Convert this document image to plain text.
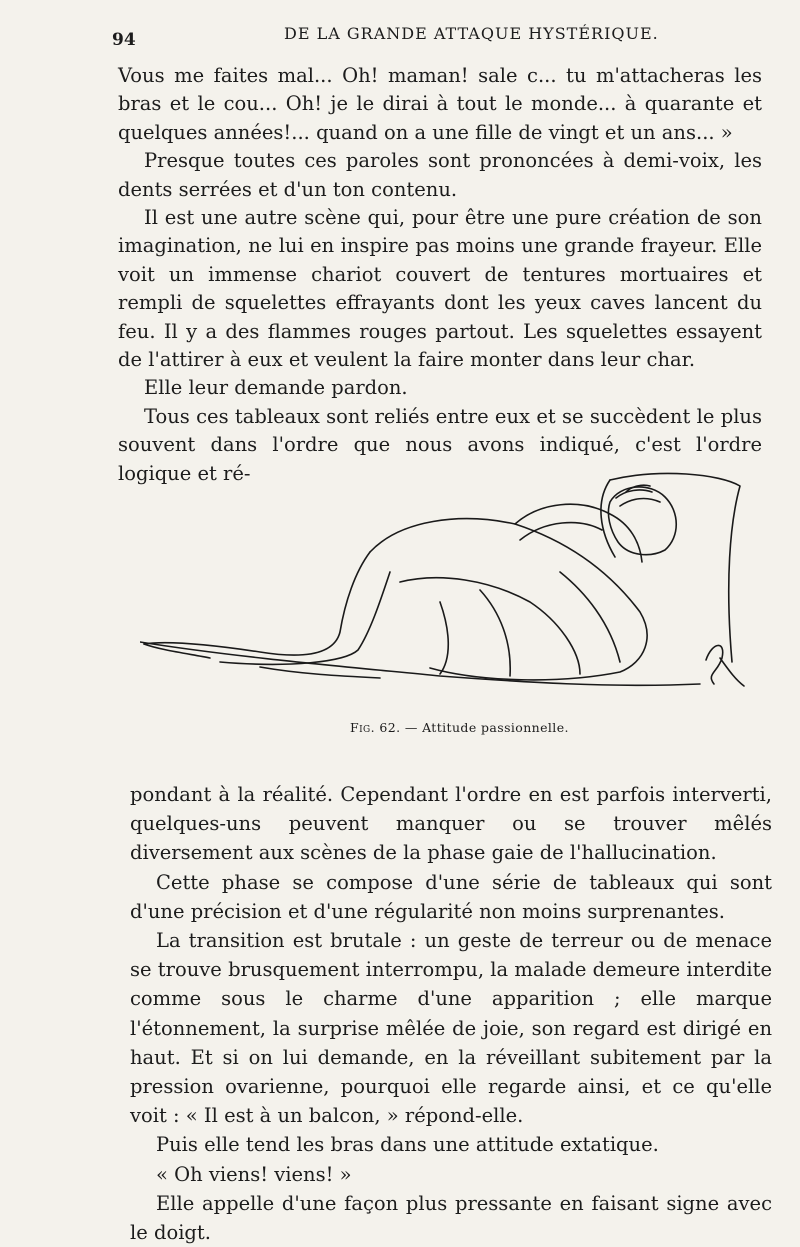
94	DE LA GRANDE ATTAQUE HYSTÉRIQUE.

Vous me faites mal... Oh! maman! sale c... tu m'attacheras les bras et le cou... Oh! je le dirai à tout le monde... à quarante et quelques années!... quand on a une fille de vingt et un ans... »

Presque toutes ces paroles sont prononcées à demi-voix, les dents serrées et d'un ton contenu.

Il est une autre scène qui, pour être une pure création de son imagination, ne lui en inspire pas moins une grande frayeur. Elle voit un immense chariot couvert de tentures mortuaires et rempli de squelettes effrayants dont les yeux caves lancent du feu. Il y a des flammes rouges partout. Les squelettes essayent de l'attirer à eux et veulent la faire monter dans leur char.

Elle leur demande pardon.

Tous ces tableaux sont reliés entre eux et se succèdent le plus souvent dans l'ordre que nous avons indiqué, c'est l'ordre logique et ré-

Fig. 62. — Attitude passionnelle.

pondant à la réalité. Cependant l'ordre en est parfois interverti, quelques-uns peuvent manquer ou se trouver mêlés diversement aux scènes de la phase gaie de l'hallucination.

Cette phase se compose d'une série de tableaux qui sont d'une précision et d'une régularité non moins surprenantes.

La transition est brutale : un geste de terreur ou de menace se trouve brusquement interrompu, la malade demeure interdite comme sous le charme d'une apparition ; elle marque l'étonnement, la surprise mêlée de joie, son regard est dirigé en haut. Et si on lui demande, en la réveillant subitement par la pression ovarienne, pourquoi elle regarde ainsi, et ce qu'elle voit : « Il est à un balcon, » répond-elle.

Puis elle tend les bras dans une attitude extatique.

« Oh viens! viens! »

Elle appelle d'une façon plus pressante en faisant signe avec le doigt.
